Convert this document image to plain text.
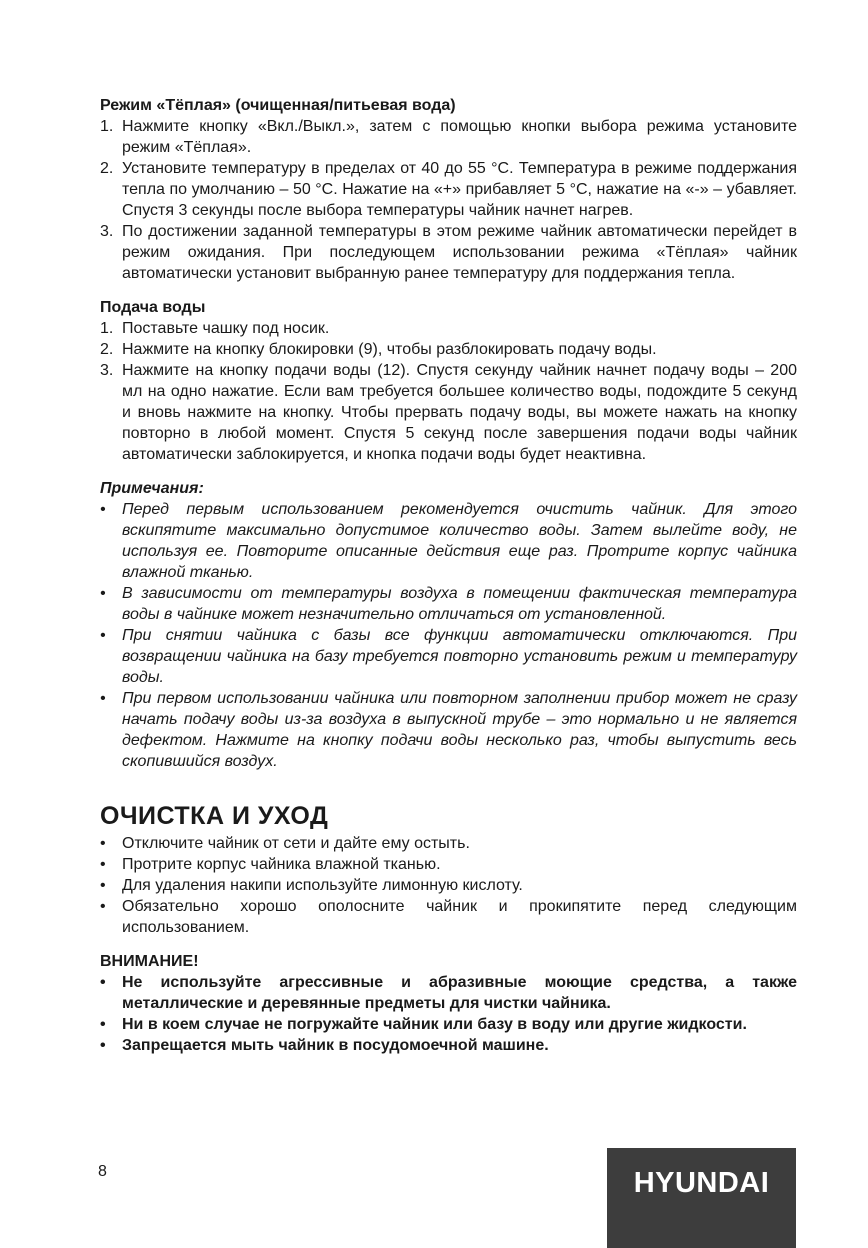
Режим «Тёплая» (очищенная/питьевая вода)
1. Нажмите кнопку «Вкл./Выкл.», затем с помощью кнопки выбора режима установите режим «Тёплая».
2. Установите температуру в пределах от 40 до 55 °С. Температура в режиме поддержания тепла по умолчанию – 50 °С. Нажатие на «+» прибавляет 5 °С, нажатие на «-» – убавляет. Спустя 3 секунды после выбора температуры чайник начнет нагрев.
3. По достижении заданной температуры в этом режиме чайник автоматически перейдет в режим ожидания. При последующем использовании режима «Тёплая» чайник автоматически установит выбранную ранее температуру для поддержания тепла.
Подача воды
1. Поставьте чашку под носик.
2. Нажмите на кнопку блокировки (9), чтобы разблокировать подачу воды.
3. Нажмите на кнопку подачи воды (12). Спустя секунду чайник начнет подачу воды – 200 мл на одно нажатие. Если вам требуется большее количество воды, подождите 5 секунд и вновь нажмите на кнопку. Чтобы прервать подачу воды, вы можете нажать на кнопку повторно в любой момент. Спустя 5 секунд после завершения подачи воды чайник автоматически заблокируется, и кнопка подачи воды будет неактивна.
Примечания:
• Перед первым использованием рекомендуется очистить чайник. Для этого вскипятите максимально допустимое количество воды. Затем вылейте воду, не используя ее. Повторите описанные действия еще раз. Протрите корпус чайника влажной тканью.
• В зависимости от температуры воздуха в помещении фактическая температура воды в чайнике может незначительно отличаться от установленной.
• При снятии чайника с базы все функции автоматически отключаются. При возвращении чайника на базу требуется повторно установить режим и температуру воды.
• При первом использовании чайника или повторном заполнении прибор может не сразу начать подачу воды из-за воздуха в выпускной трубе – это нормально и не является дефектом. Нажмите на кнопку подачи воды несколько раз, чтобы выпустить весь скопившийся воздух.
ОЧИСТКА И УХОД
• Отключите чайник от сети и дайте ему остыть.
• Протрите корпус чайника влажной тканью.
• Для удаления накипи используйте лимонную кислоту.
• Обязательно хорошо ополосните чайник и прокипятите перед следующим использованием.
ВНИМАНИЕ!
• Не используйте агрессивные и абразивные моющие средства, а также металлические и деревянные предметы для чистки чайника.
• Ни в коем случае не погружайте чайник или базу в воду или другие жидкости.
• Запрещается мыть чайник в посудомоечной машине.
8	HYUNDAI
